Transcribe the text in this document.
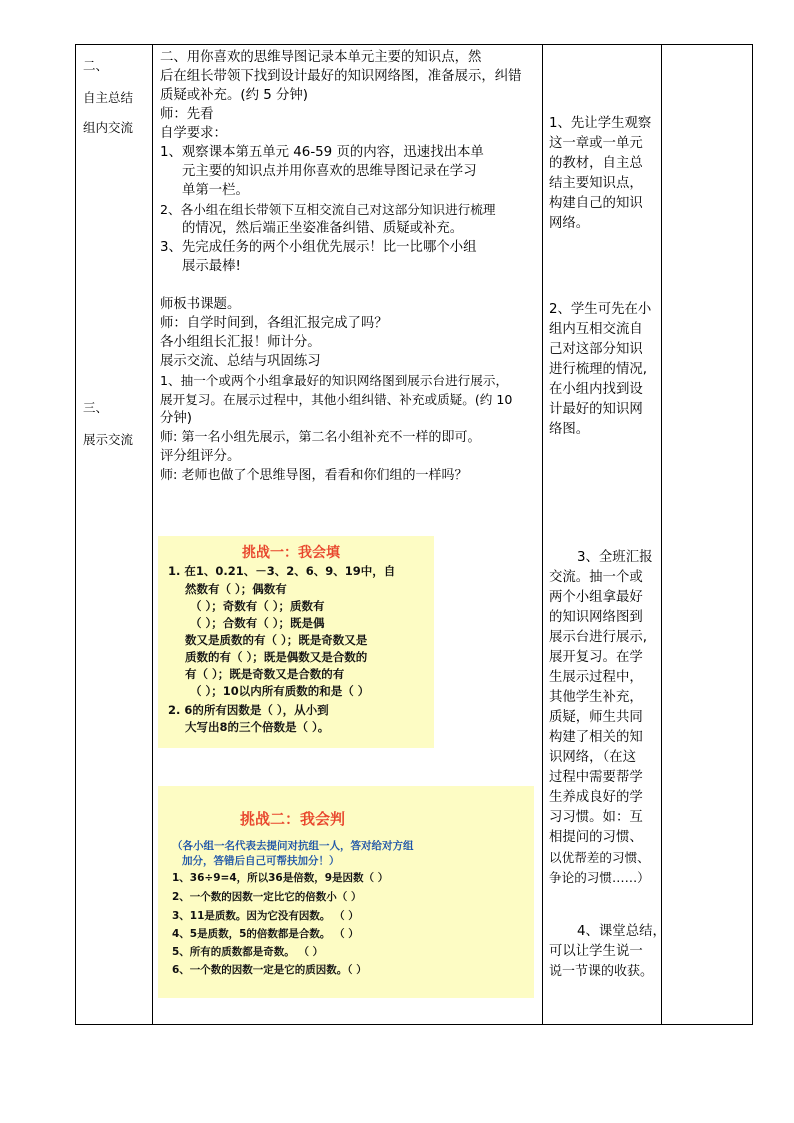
二、
自主总结
组内交流
三、
展示交流
二、用你喜欢的思维导图记录本单元主要的知识点，然
后在组长带领下找到设计最好的知识网络图，准备展示，纠错
质疑或补充。(约 5 分钟)
师：先看
自学要求：
1、观察课本第五单元 46-59 页的内容，迅速找出本单
元主要的知识点并用你喜欢的思维导图记录在学习
单第一栏。
2、各小组在组长带领下互相交流自己对这部分知识进行梳理
的情况，然后端正坐姿准备纠错、质疑或补充。
3、先完成任务的两个小组优先展示！比一比哪个小组
展示最棒!
师板书课题。
师：自学时间到，各组汇报完成了吗？
各小组组长汇报！师计分。
展示交流、总结与巩固练习
1、抽一个或两个小组拿最好的知识网络图到展示台进行展示，
展开复习。在展示过程中，其他小组纠错、补充或质疑。(约 10
分钟)
师: 第一名小组先展示，第二名小组补充不一样的即可。
评分组评分。
师: 老师也做了个思维导图，看看和你们组的一样吗？
挑战一：我会填
1. 在1、0.21、－3、2、6、9、19中，自
然数有（ ）；偶数有
（ ）；奇数有（ ）；质数有
（ ）；合数有（ ）；既是偶
数又是质数的有（ ）；既是奇数又是
质数的有（ ）；既是偶数又是合数的
有（ ）；既是奇数又是合数的有
（ ）；10以内所有质数的和是（ ）
2. 6的所有因数是（ ），从小到
大写出8的三个倍数是（ ）。
挑战二：我会判
（各小组一名代表去提问对抗组一人，答对给对方组
加分，答错后自己可帮扶加分！）
1、36÷9=4，所以36是倍数，9是因数（ ）
2、一个数的因数一定比它的倍数小（ ）
3、11是质数。因为它没有因数。 （ ）
4、5是质数，5的倍数都是合数。 （ ）
5、所有的质数都是奇数。 （ ）
6、一个数的因数一定是它的质因数。（ ）
1、先让学生观察
这一章或一单元
的教材，自主总
结主要知识点，
构建自己的知识
网络。
2、学生可先在小
组内互相交流自
己对这部分知识
进行梳理的情况,
在小组内找到设
计最好的知识网
络图。
3、全班汇报
交流。抽一个或
两个小组拿最好
的知识网络图到
展示台进行展示,
展开复习。在学
生展示过程中，
其他学生补充，
质疑，师生共同
构建了相关的知
识网络，（在这
过程中需要帮学
生养成良好的学
习习惯。如：互
相提问的习惯、
以优帮差的习惯、
争论的习惯……）
4、课堂总结，
可以让学生说一
说一节课的收获。
